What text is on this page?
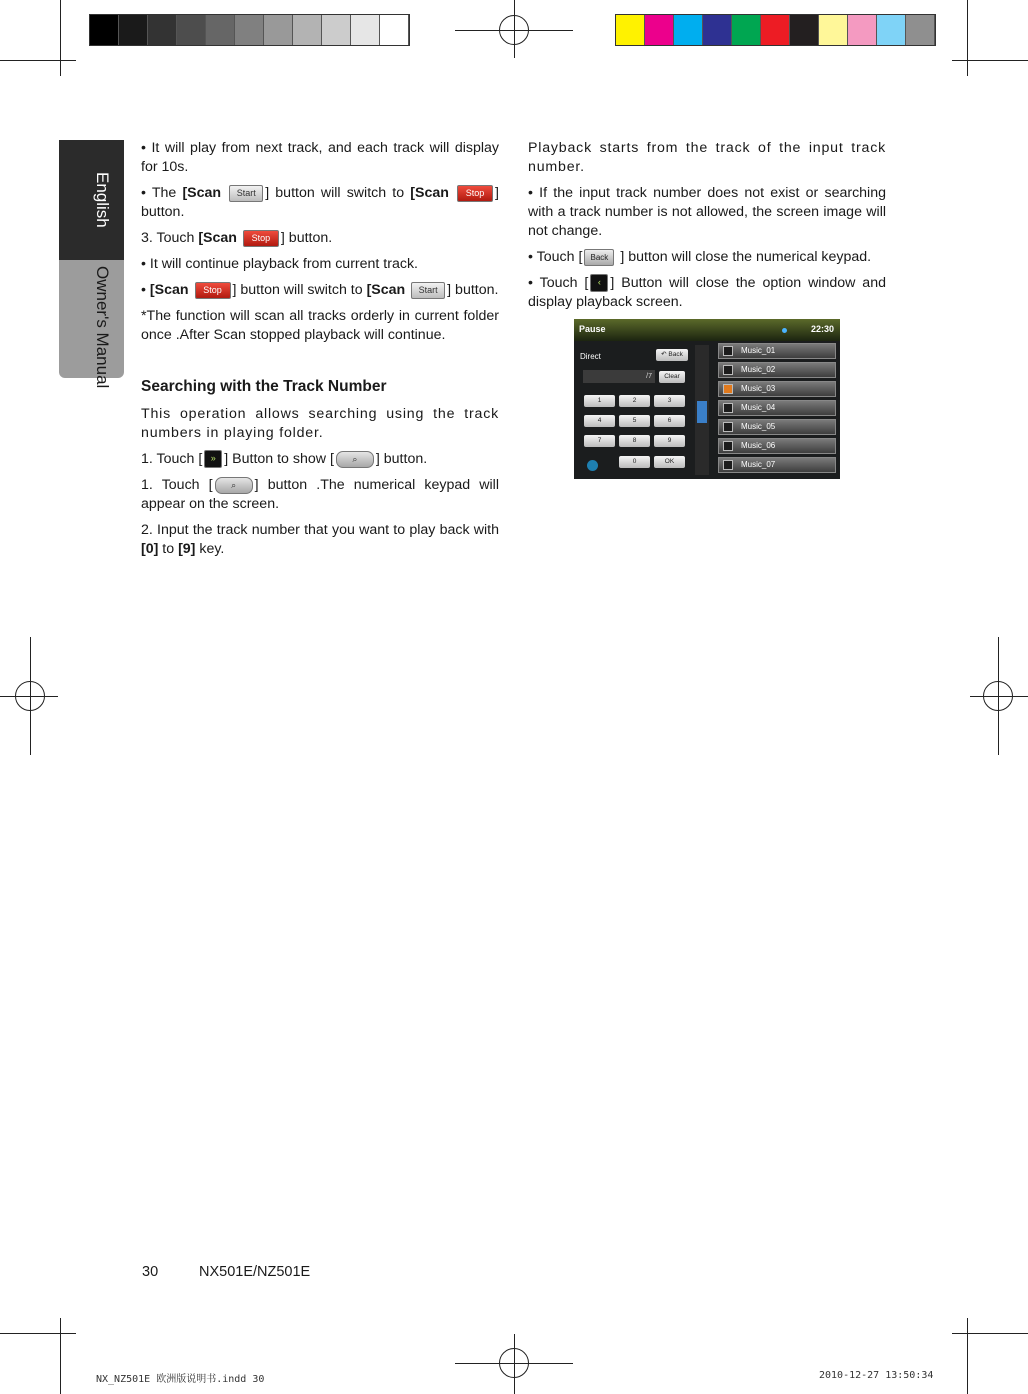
English
Owner's Manual

• It will play from next track, and each track will display for 10s.

• The [Scan Start ] button will switch to [Scan Stop ] button.

3. Touch [Scan Stop ] button.

• It will continue playback from current track.

• [Scan Stop ] button will switch to [Scan Start ] button.

*The function will scan all tracks orderly in current folder once .After Scan stopped playback will continue.

Searching with the Track Number

This operation allows searching using the track numbers in playing folder.

1. Touch [ » ] Button to show [ ⌕ ] button.

1. Touch [ ⌕ ] button .The numerical keypad will appear on the screen.

2. Input the track number that you want to play back with [0] to [9] key.

Playback starts from the track of the input track number.

• If the input track number does not exist or searching with a track number is not allowed, the screen image will not change.

• Touch [ Back ] button will close the numerical keypad.

• Touch [ ‹ ] Button will close the option window and display playback screen.

Pause	22:30
Direct	↶ Back
/7	Clear
1	2	3
4	5	6
7	8	9
0	OK
Music_01
Music_02
Music_03
Music_04
Music_05
Music_06
Music_07
30	NX501E/NZ501E
NX_NZ501E 欧洲版说明书.indd 30	2010-12-27 13:50:34
